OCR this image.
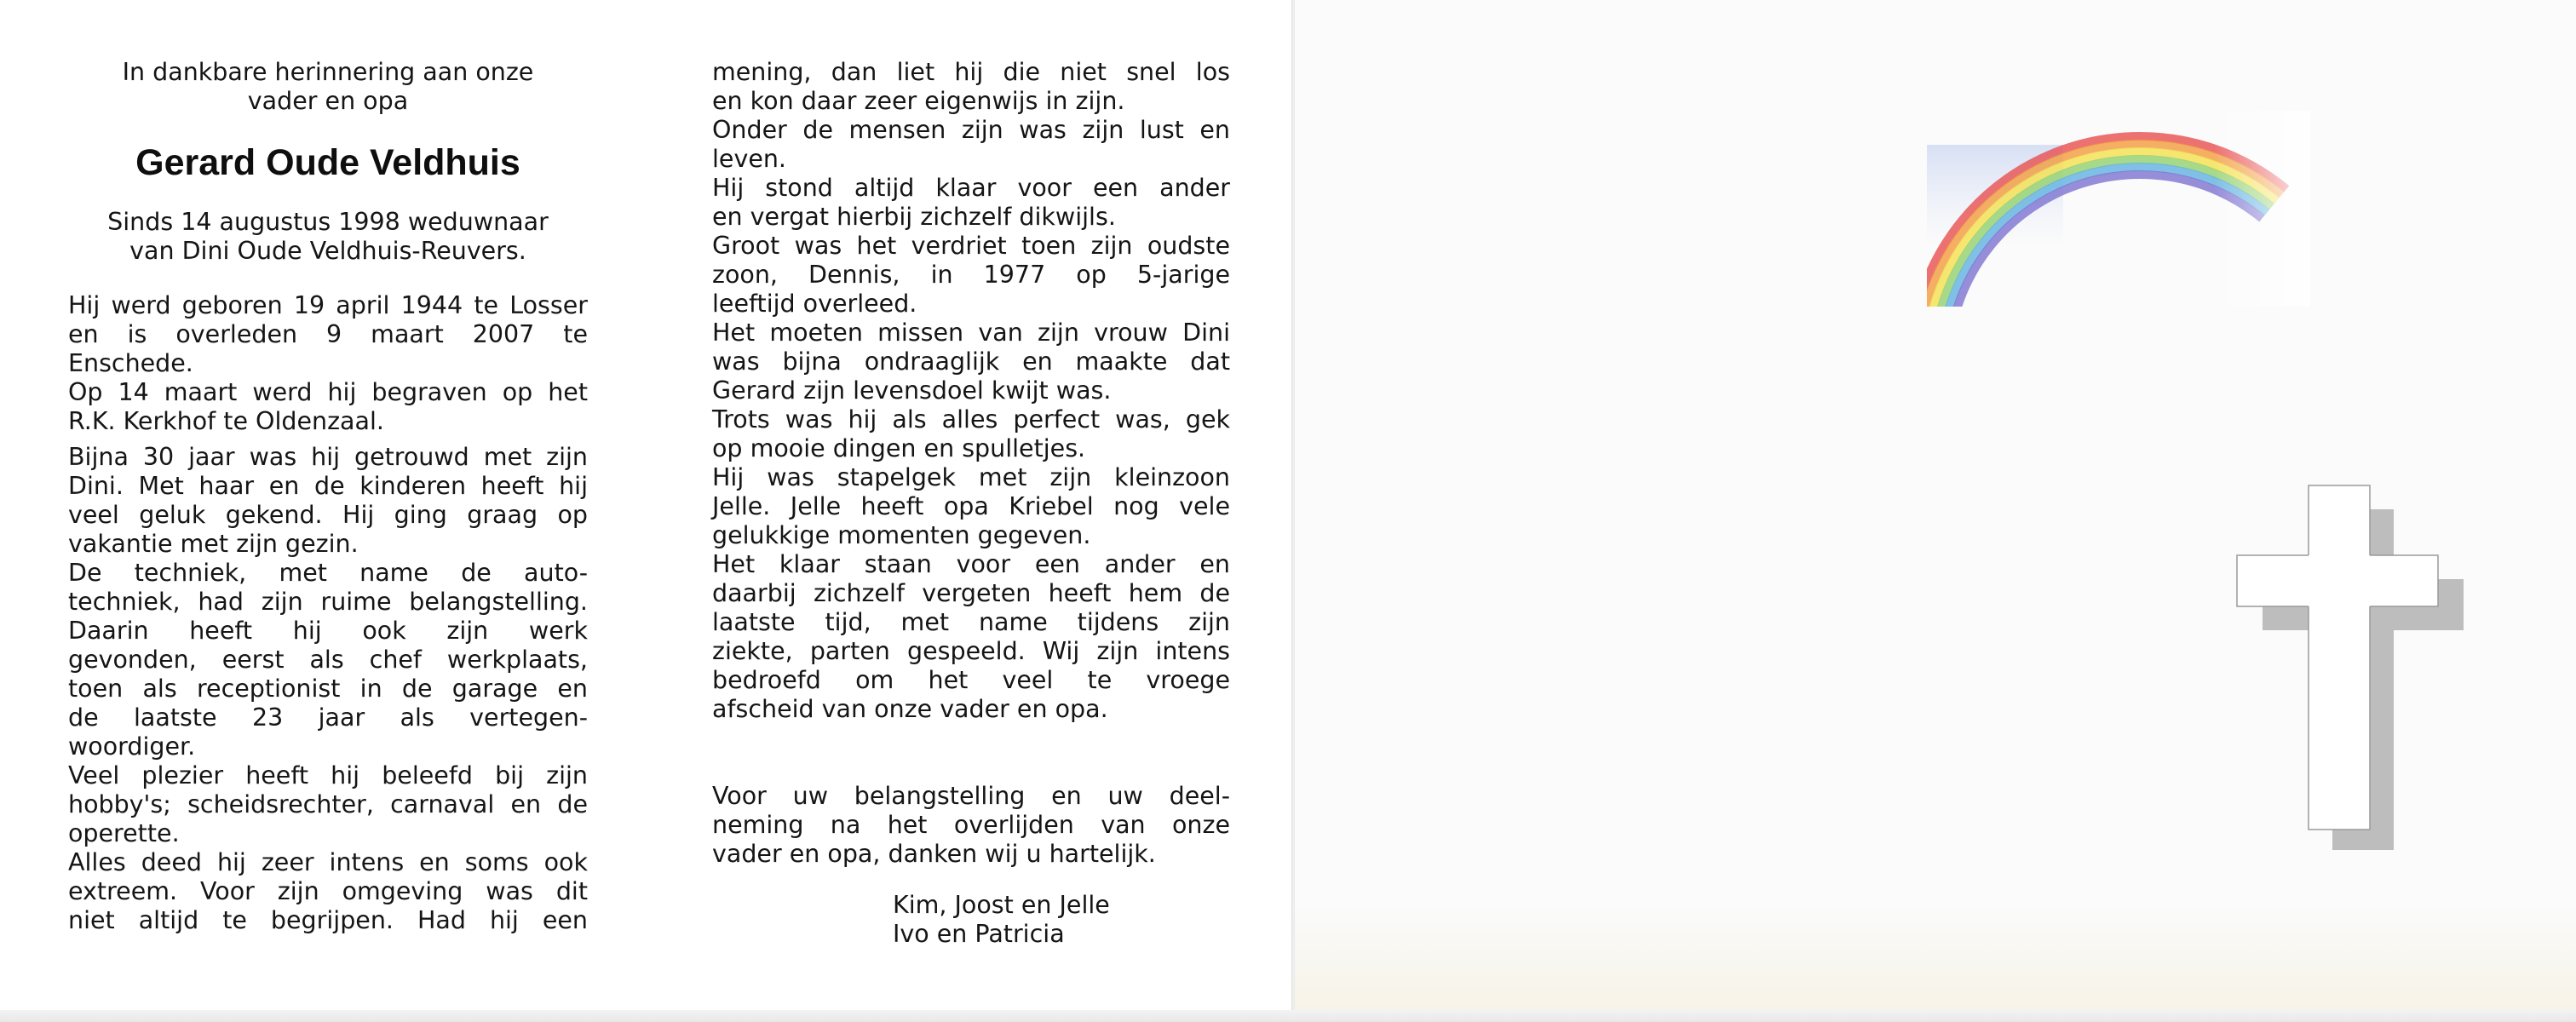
In dankbare herinnering aan onze
vader en opa
Gerard Oude Veldhuis
Sinds 14 augustus 1998 weduwnaar
van Dini Oude Veldhuis-Reuvers.
Hij werd geboren 19 april 1944 te Losser
en is overleden 9 maart 2007 te
Enschede.
Op 14 maart werd hij begraven op het
R.K. Kerkhof te Oldenzaal.
Bijna 30 jaar was hij getrouwd met zijn
Dini. Met haar en de kinderen heeft hij
veel geluk gekend. Hij ging graag op
vakantie met zijn gezin.
De techniek, met name de auto-
techniek, had zijn ruime belangstelling.
Daarin heeft hij ook zijn werk
gevonden, eerst als chef werkplaats,
toen als receptionist in de garage en
de laatste 23 jaar als vertegen-
woordiger.
Veel plezier heeft hij beleefd bij zijn
hobby's; scheidsrechter, carnaval en de
operette.
Alles deed hij zeer intens en soms ook
extreem. Voor zijn omgeving was dit
niet altijd te begrijpen. Had hij een
mening, dan liet hij die niet snel los
en kon daar zeer eigenwijs in zijn.
Onder de mensen zijn was zijn lust en
leven.
Hij stond altijd klaar voor een ander
en vergat hierbij zichzelf dikwijls.
Groot was het verdriet toen zijn oudste
zoon, Dennis, in 1977 op 5-jarige
leeftijd overleed.
Het moeten missen van zijn vrouw Dini
was bijna ondraaglijk en maakte dat
Gerard zijn levensdoel kwijt was.
Trots was hij als alles perfect was, gek
op mooie dingen en spulletjes.
Hij was stapelgek met zijn kleinzoon
Jelle. Jelle heeft opa Kriebel nog vele
gelukkige momenten gegeven.
Het klaar staan voor een ander en
daarbij zichzelf vergeten heeft hem de
laatste tijd, met name tijdens zijn
ziekte, parten gespeeld. Wij zijn intens
bedroefd om het veel te vroege
afscheid van onze vader en opa.
Voor uw belangstelling en uw deel-
neming na het overlijden van onze
vader en opa, danken wij u hartelijk.
Kim, Joost en Jelle
Ivo en Patricia
